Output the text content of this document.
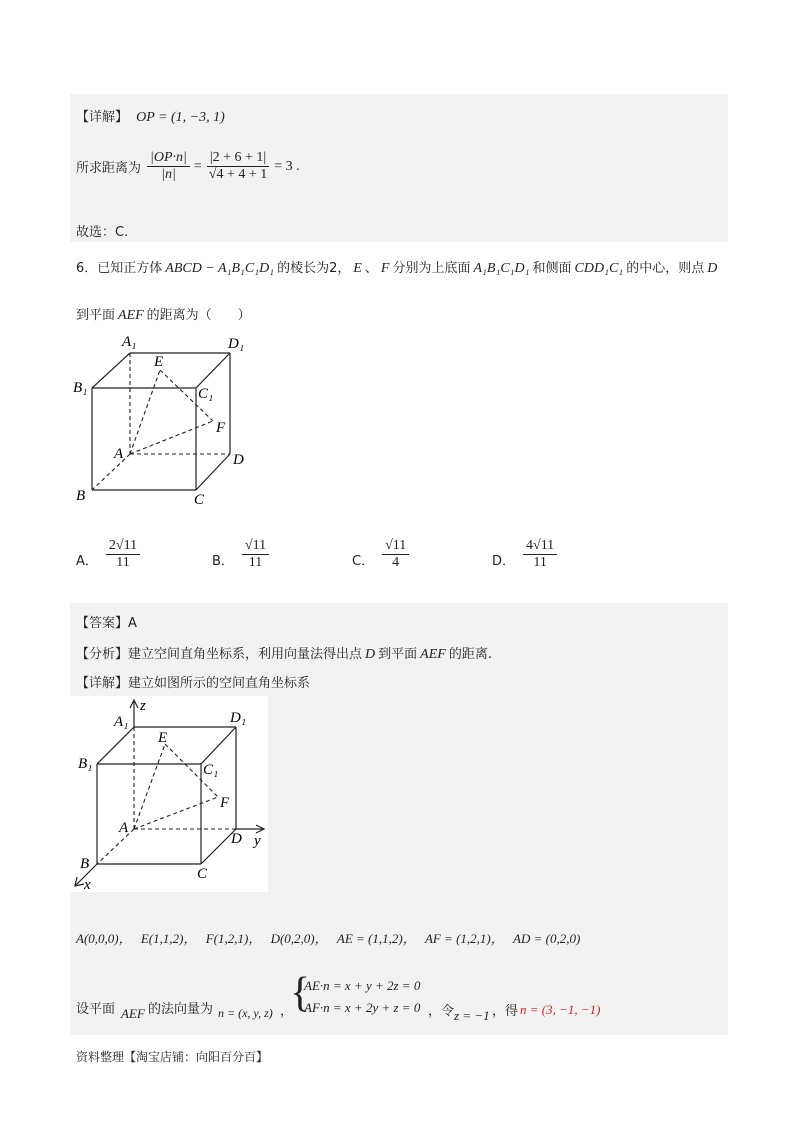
【详解】 OP = (1, −3, 1)
所求距离为 $\frac{|OP\cdot n|}{|n|} = \frac{|2 + 6 + 1|}{√4 + 4 + 1} = 3$ .
故选：C.
6．已知正方体 ABCD − A₁B₁C₁D₁ 的棱长为2， E 、 F 分别为上底面 A₁B₁C₁D₁ 和侧面 CDD₁C₁ 的中心，则点 D
到平面 AEF 的距离为（　　）
A₁	D₁
E
B₁	C₁
F
A	D
B	C
A． $\frac{2√11}{11}$	B． $\frac{√11}{11}$	C． $\frac{√11}{4}$	D． $\frac{4√11}{11}$
【答案】A
【分析】建立空间直角坐标系，利用向量法得出点 D 到平面 AEF 的距离.
【详解】建立如图所示的空间直角坐标系
z
A₁	D₁
E
B₁	C₁
F
A
D y
B
C
x
A(0,0,0)， E(1,1,2)， F(1,2,1)， D(0,2,0)， AE = (1,1,2)， AF = (1,2,1)， AD = (0,2,0)
设平面 AEF 的法向量为 n = (x, y, z) ，
{
AE·n = x + y + 2z = 0
AF·n = x + 2y + z = 0 ，令 z = −1 ，得 n = (3, −1, −1)
资料整理【淘宝店铺：向阳百分百】
